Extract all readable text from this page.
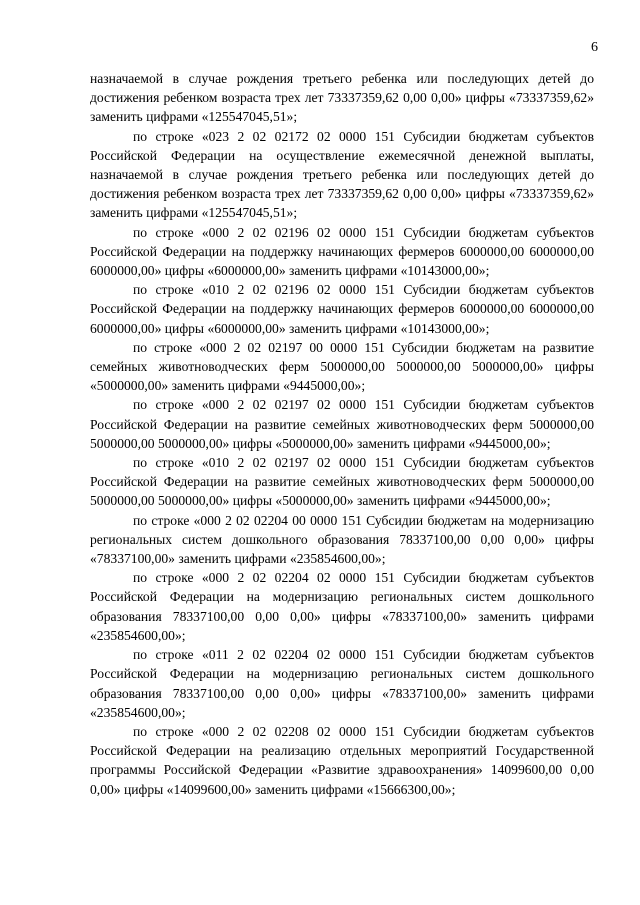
6

назначаемой в случае рождения третьего ребенка или последующих детей до достижения ребенком возраста трех лет 73337359,62 0,00 0,00» цифры «73337359,62» заменить цифрами «125547045,51»;

по строке «023 2 02 02172 02 0000 151 Субсидии бюджетам субъектов Российской Федерации на осуществление ежемесячной денежной выплаты, назначаемой в случае рождения третьего ребенка или последующих детей до достижения ребенком возраста трех лет 73337359,62 0,00 0,00» цифры «73337359,62» заменить цифрами «125547045,51»;

по строке «000 2 02 02196 02 0000 151 Субсидии бюджетам субъектов Российской Федерации на поддержку начинающих фермеров 6000000,00 6000000,00 6000000,00» цифры «6000000,00» заменить цифрами «10143000,00»;

по строке «010 2 02 02196 02 0000 151 Субсидии бюджетам субъектов Российской Федерации на поддержку начинающих фермеров 6000000,00 6000000,00 6000000,00» цифры «6000000,00» заменить цифрами «10143000,00»;

по строке «000 2 02 02197 00 0000 151 Субсидии бюджетам на развитие семейных животноводческих ферм 5000000,00 5000000,00 5000000,00» цифры «5000000,00» заменить цифрами «9445000,00»;

по строке «000 2 02 02197 02 0000 151 Субсидии бюджетам субъектов Российской Федерации на развитие семейных животноводческих ферм 5000000,00 5000000,00 5000000,00» цифры «5000000,00» заменить цифрами «9445000,00»;

по строке «010 2 02 02197 02 0000 151 Субсидии бюджетам субъектов Российской Федерации на развитие семейных животноводческих ферм 5000000,00 5000000,00 5000000,00» цифры «5000000,00» заменить цифрами «9445000,00»;

по строке «000 2 02 02204 00 0000 151 Субсидии бюджетам на модернизацию региональных систем дошкольного образования 78337100,00 0,00 0,00» цифры «78337100,00» заменить цифрами «235854600,00»;

по строке «000 2 02 02204 02 0000 151 Субсидии бюджетам субъектов Российской Федерации на модернизацию региональных систем дошкольного образования 78337100,00 0,00 0,00» цифры «78337100,00» заменить цифрами «235854600,00»;

по строке «011 2 02 02204 02 0000 151 Субсидии бюджетам субъектов Российской Федерации на модернизацию региональных систем дошкольного образования 78337100,00 0,00 0,00» цифры «78337100,00» заменить цифрами «235854600,00»;

по строке «000 2 02 02208 02 0000 151 Субсидии бюджетам субъектов Российской Федерации на реализацию отдельных мероприятий Государственной программы Российской Федерации «Развитие здравоохранения» 14099600,00 0,00 0,00» цифры «14099600,00» заменить цифрами «15666300,00»;
